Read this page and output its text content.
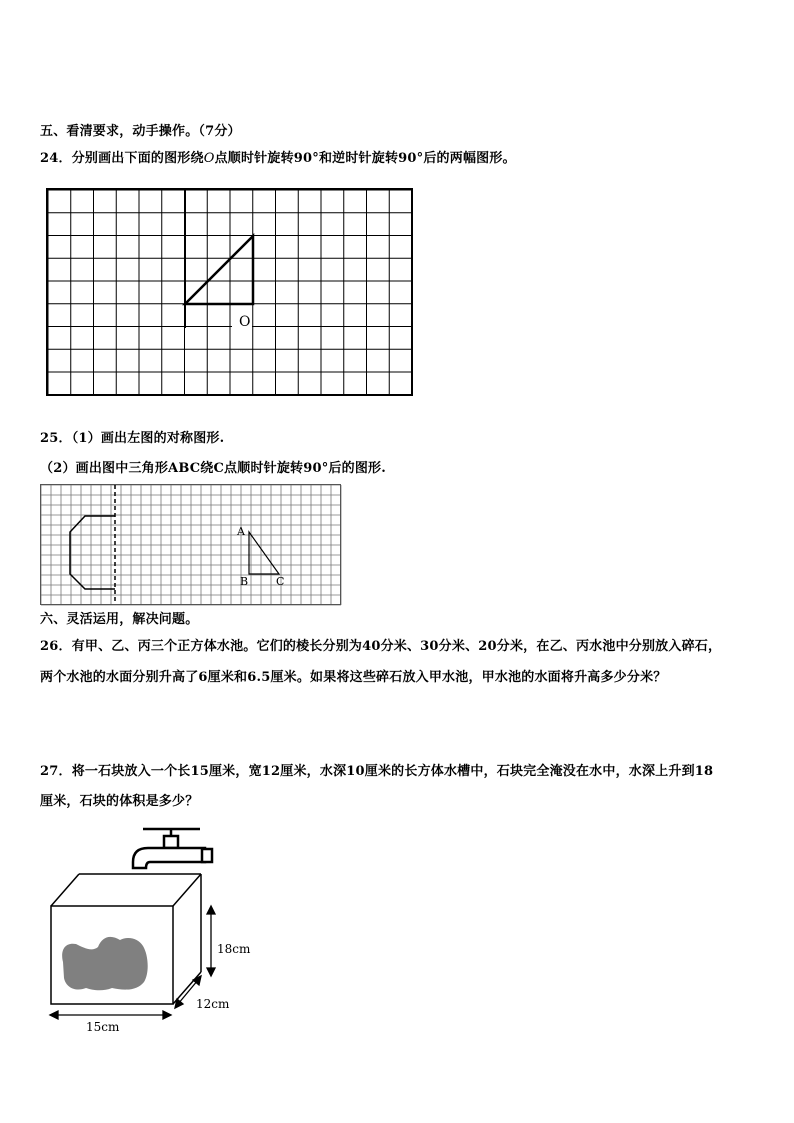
五、看清要求，动手操作。（7分）
24．分别画出下面的图形绕O点顺时针旋转90°和逆时针旋转90°后的两幅图形。
O
25．（1）画出左图的对称图形.
（2）画出图中三角形ABC绕C点顺时针旋转90°后的图形.
A
B	C
六、灵活运用，解决问题。
26．有甲、乙、丙三个正方体水池。它们的棱长分别为40分米、30分米、20分米，在乙、丙水池中分别放入碎石，
两个水池的水面分别升高了6厘米和6.5厘米。如果将这些碎石放入甲水池，甲水池的水面将升高多少分米？
27．将一石块放入一个长15厘米，宽12厘米，水深10厘米的长方体水槽中，石块完全淹没在水中，水深上升到18
厘米，石块的体积是多少？
18cm
12cm
15cm
